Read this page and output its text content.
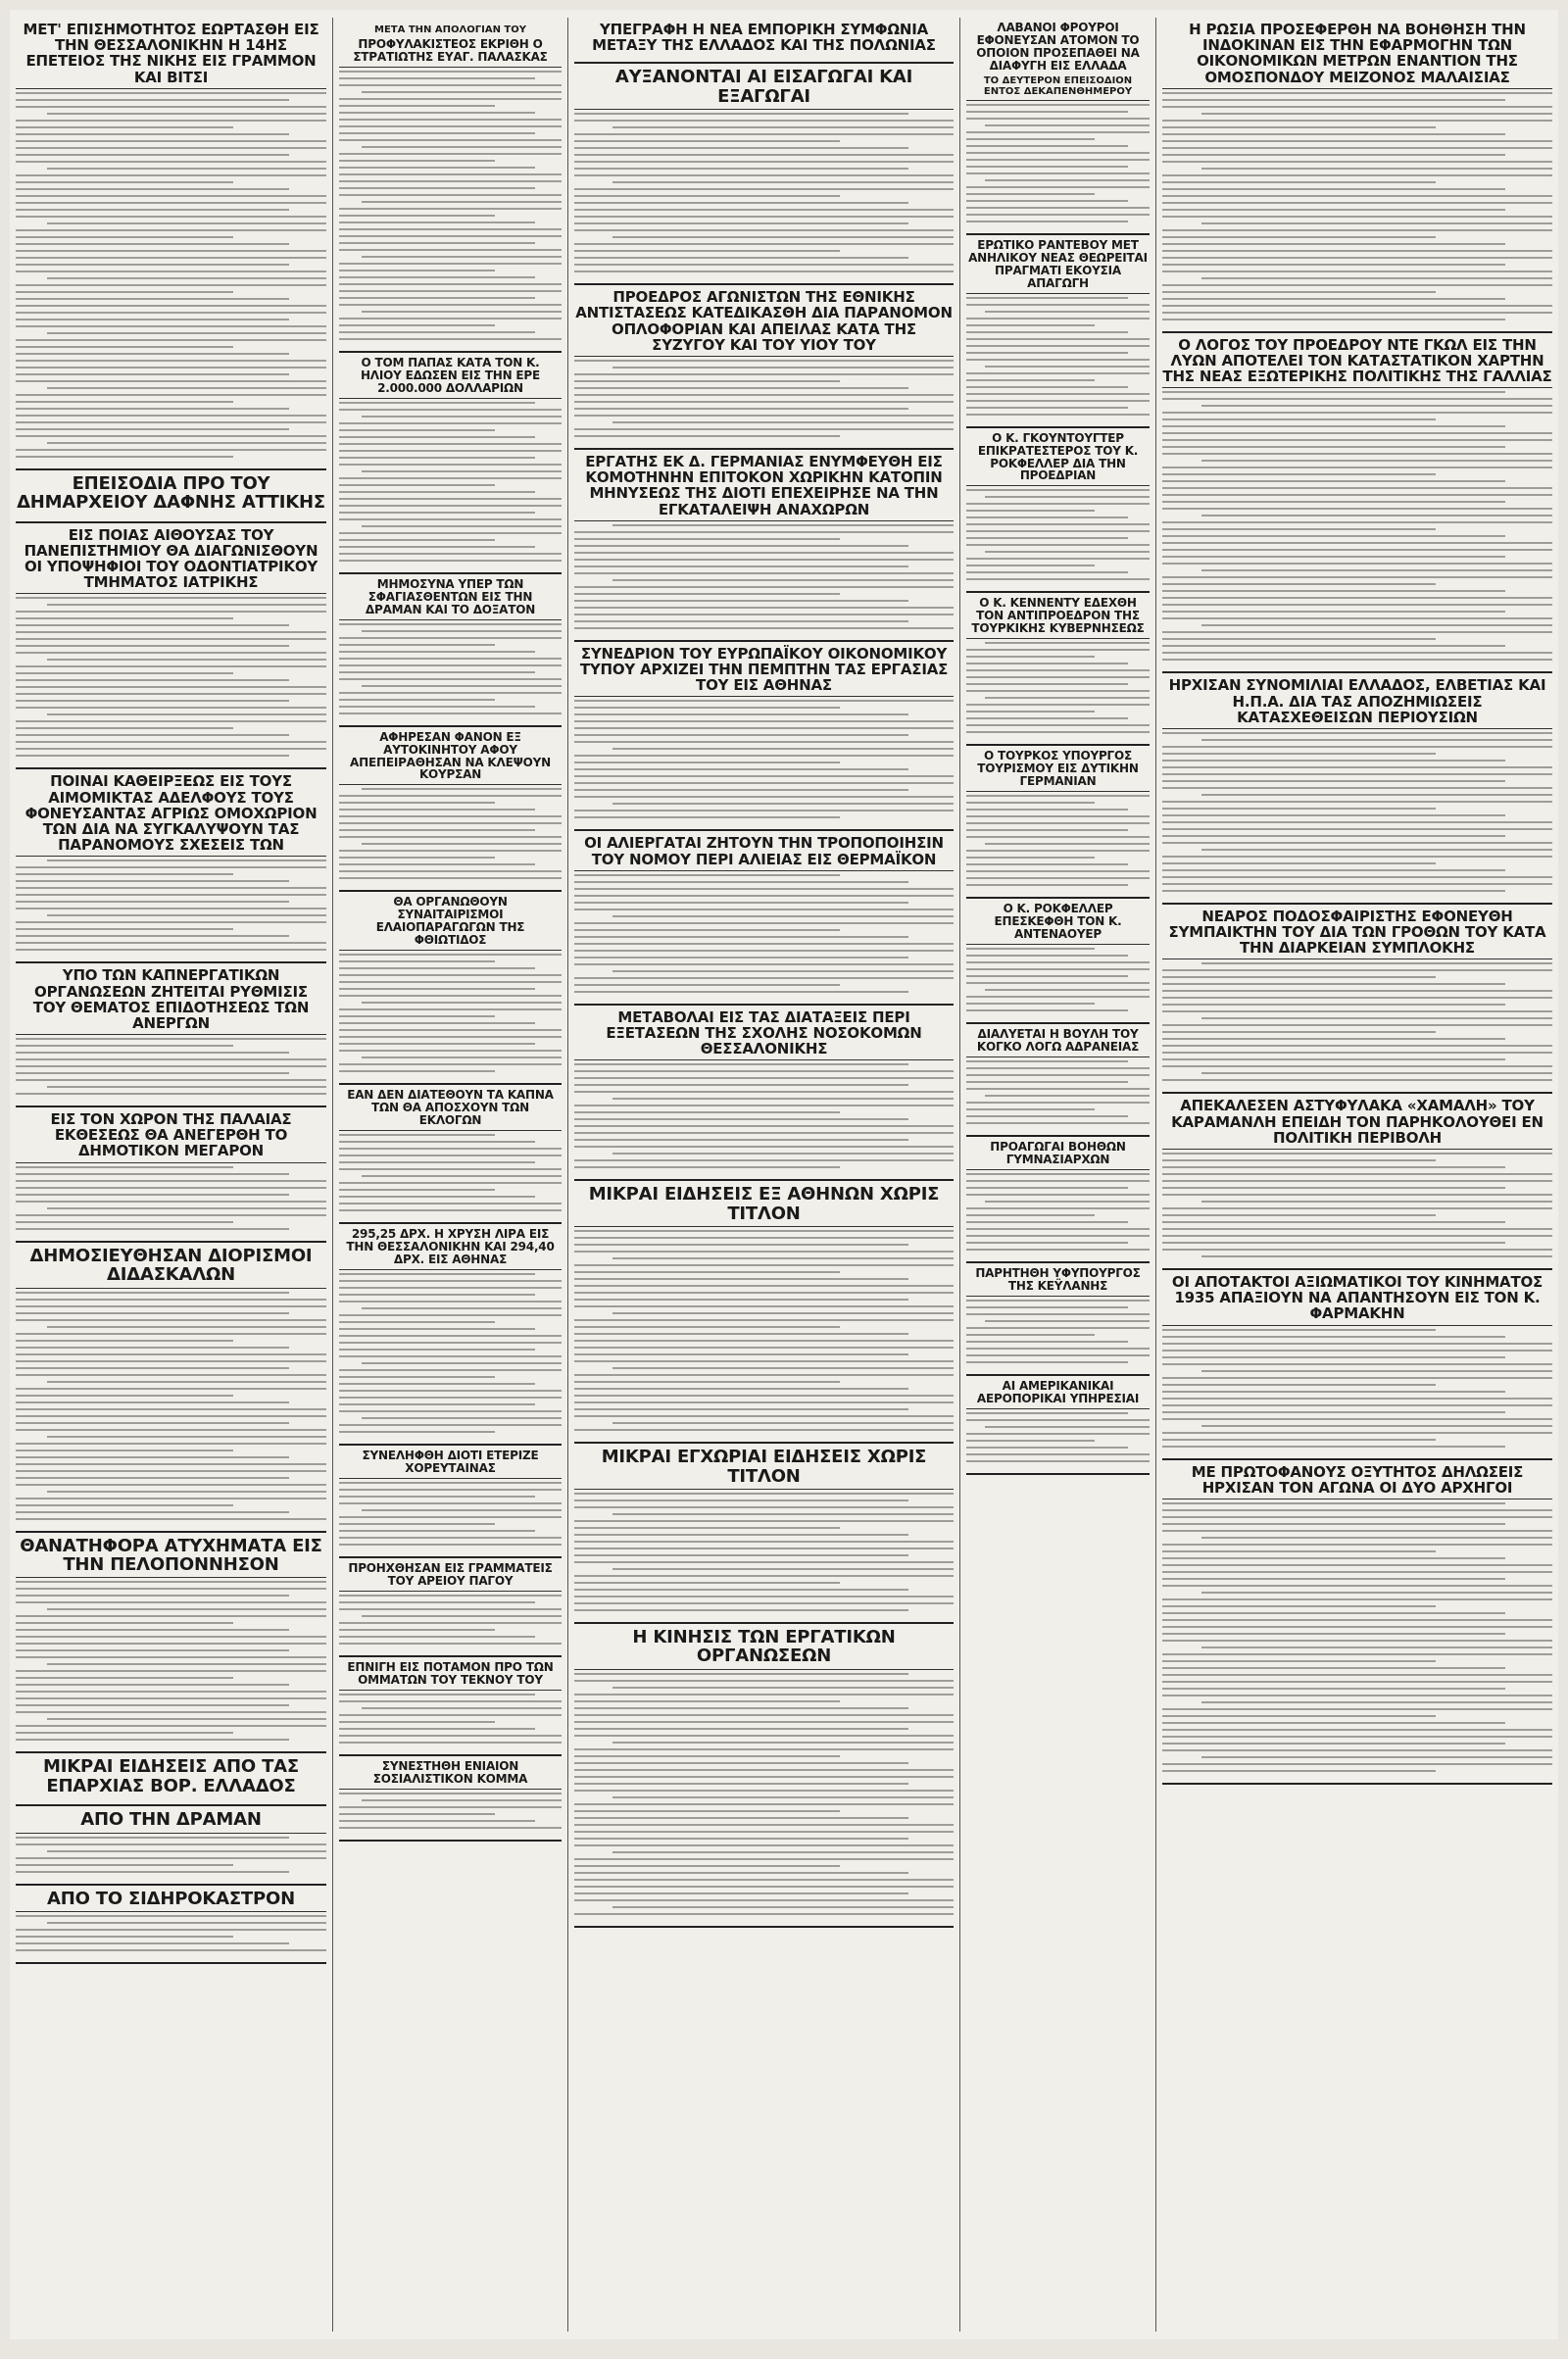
ΜΕΤ' ΕΠΙΣΗΜΟΤΗΤΟΣ ΕΩΡΤΑΣΘΗ ΕΙΣ ΤΗΝ ΘΕΣΣΑΛΟΝΙΚΗΝ Η 14ΗΣ ΕΠΕΤΕΙΟΣ ΤΗΣ ΝΙΚΗΣ ΕΙΣ ΓΡΑΜΜΟΝ ΚΑΙ ΒΙΤΣΙ
ΕΠΕΙΣΟΔΙΑ ΠΡΟ ΤΟΥ ΔΗΜΑΡΧΕΙΟΥ ΔΑΦΝΗΣ ΑΤΤΙΚΗΣ
ΕΙΣ ΠΟΙΑΣ ΑΙΘΟΥΣΑΣ ΤΟΥ ΠΑΝΕΠΙΣΤΗΜΙΟΥ ΘΑ ΔΙΑΓΩΝΙΣΘΟΥΝ ΟΙ ΥΠΟΨΗΦΙΟΙ ΤΟΥ ΟΔΟΝΤΙΑΤΡΙΚΟΥ ΤΜΗΜΑΤΟΣ ΙΑΤΡΙΚΗΣ
ΠΟΙΝΑΙ ΚΑΘΕΙΡΞΕΩΣ ΕΙΣ ΤΟΥΣ ΑΙΜΟΜΙΚΤΑΣ ΑΔΕΛΦΟΥΣ ΤΟΥΣ ΦΟΝΕΥΣΑΝΤΑΣ ΑΓΡΙΩΣ ΟΜΟΧΩΡΙΟΝ ΤΩΝ ΔΙΑ ΝΑ ΣΥΓΚΑΛΥΨΟΥΝ ΤΑΣ ΠΑΡΑΝΟΜΟΥΣ ΣΧΕΣΕΙΣ ΤΩΝ
ΥΠΟ ΤΩΝ ΚΑΠΝΕΡΓΑΤΙΚΩΝ ΟΡΓΑΝΩΣΕΩΝ ΖΗΤΕΙΤΑΙ ΡΥΘΜΙΣΙΣ ΤΟΥ ΘΕΜΑΤΟΣ ΕΠΙΔΟΤΗΣΕΩΣ ΤΩΝ ΑΝΕΡΓΩΝ
ΕΙΣ ΤΟΝ ΧΩΡΟΝ ΤΗΣ ΠΑΛΑΙΑΣ ΕΚΘΕΣΕΩΣ ΘΑ ΑΝΕΓΕΡΘΗ ΤΟ ΔΗΜΟΤΙΚΟΝ ΜΕΓΑΡΟΝ
ΔΗΜΟΣΙΕΥΘΗΣΑΝ ΔΙΟΡΙΣΜΟΙ ΔΙΔΑΣΚΑΛΩΝ
ΘΑΝΑΤΗΦΟΡΑ ΑΤΥΧΗΜΑΤΑ ΕΙΣ ΤΗΝ ΠΕΛΟΠΟΝΝΗΣΟΝ
ΜΙΚΡΑΙ ΕΙΔΗΣΕΙΣ ΑΠΟ ΤΑΣ ΕΠΑΡΧΙΑΣ ΒΟΡ. ΕΛΛΑΔΟΣ
ΑΠΟ ΤΗΝ ΔΡΑΜΑΝ
ΑΠΟ ΤΟ ΣΙΔΗΡΟΚΑΣΤΡΟΝ
ΜΕΤΑ ΤΗΝ ΑΠΟΛΟΓΙΑΝ ΤΟΥ
ΠΡΟΦΥΛΑΚΙΣΤΕΟΣ ΕΚΡΙΘΗ Ο ΣΤΡΑΤΙΩΤΗΣ ΕΥΑΓ. ΠΑΛΑΣΚΑΣ
Ο ΤΟΜ ΠΑΠΑΣ ΚΑΤΑ ΤΟΝ Κ. ΗΛΙΟΥ ΕΔΩΣΕΝ ΕΙΣ ΤΗΝ ΕΡΕ 2.000.000 ΔΟΛΛΑΡΙΩΝ
ΜΗΜΟΣΥΝΑ ΥΠΕΡ ΤΩΝ ΣΦΑΓΙΑΣΘΕΝΤΩΝ ΕΙΣ ΤΗΝ ΔΡΑΜΑΝ ΚΑΙ ΤΟ ΔΟΞΑΤΟΝ
ΑΦΗΡΕΣΑΝ ΦΑΝΟΝ ΕΞ ΑΥΤΟΚΙΝΗΤΟΥ ΑΦΟΥ ΑΠΕΠΕΙΡΑΘΗΣΑΝ ΝΑ ΚΛΕΨΟΥΝ ΚΟΥΡΣΑΝ
ΘΑ ΟΡΓΑΝΩΘΟΥΝ ΣΥΝΑΙΤΑΙΡΙΣΜΟΙ ΕΛΑΙΟΠΑΡΑΓΩΓΩΝ ΤΗΣ ΦΘΙΩΤΙΔΟΣ
ΕΑΝ ΔΕΝ ΔΙΑΤΕΘΟΥΝ ΤΑ ΚΑΠΝΑ ΤΩΝ ΘΑ ΑΠΟΣΧΟΥΝ ΤΩΝ ΕΚΛΟΓΩΝ
295,25 ΔΡΧ. Η ΧΡΥΣΗ ΛΙΡΑ ΕΙΣ ΤΗΝ ΘΕΣΣΑΛΟΝΙΚΗΝ ΚΑΙ 294,40 ΔΡΧ. ΕΙΣ ΑΘΗΝΑΣ
ΣΥΝΕΛΗΦΘΗ ΔΙΟΤΙ ΕΤΕΡΙΖΕ ΧΟΡΕΥΤΑΙΝΑΣ
ΠΡΟΗΧΘΗΣΑΝ ΕΙΣ ΓΡΑΜΜΑΤΕΙΣ ΤΟΥ ΑΡΕΙΟΥ ΠΑΓΟΥ
ΕΠΝΙΓΗ ΕΙΣ ΠΟΤΑΜΟΝ ΠΡΟ ΤΩΝ ΟΜΜΑΤΩΝ ΤΟΥ ΤΕΚΝΟΥ ΤΟΥ
ΣΥΝΕΣΤΗΘΗ ΕΝΙΑΙΟΝ ΣΟΣΙΑΛΙΣΤΙΚΟΝ ΚΟΜΜΑ
ΥΠΕΓΡΑΦΗ Η ΝΕΑ ΕΜΠΟΡΙΚΗ ΣΥΜΦΩΝΙΑ ΜΕΤΑΞΥ ΤΗΣ ΕΛΛΑΔΟΣ ΚΑΙ ΤΗΣ ΠΟΛΩΝΙΑΣ
ΑΥΞΑΝΟΝΤΑΙ ΑΙ ΕΙΣΑΓΩΓΑΙ ΚΑΙ ΕΞΑΓΩΓΑΙ
ΠΡΟΕΔΡΟΣ ΑΓΩΝΙΣΤΩΝ ΤΗΣ ΕΘΝΙΚΗΣ ΑΝΤΙΣΤΑΣΕΩΣ ΚΑΤΕΔΙΚΑΣΘΗ ΔΙΑ ΠΑΡΑΝΟΜΟΝ ΟΠΛΟΦΟΡΙΑΝ ΚΑΙ ΑΠΕΙΛΑΣ ΚΑΤΑ ΤΗΣ ΣΥΖΥΓΟΥ ΚΑΙ ΤΟΥ ΥΙΟΥ ΤΟΥ
ΕΡΓΑΤΗΣ ΕΚ Δ. ΓΕΡΜΑΝΙΑΣ ΕΝΥΜΦΕΥΘΗ ΕΙΣ ΚΟΜΟΤΗΝΗΝ ΕΠΙΤΟΚΟΝ ΧΩΡΙΚΗΝ ΚΑΤΟΠΙΝ ΜΗΝΥΣΕΩΣ ΤΗΣ ΔΙΟΤΙ ΕΠΕΧΕΙΡΗΣΕ ΝΑ ΤΗΝ ΕΓΚΑΤΑΛΕΙΨΗ ΑΝΑΧΩΡΩΝ
ΣΥΝΕΔΡΙΟΝ ΤΟΥ ΕΥΡΩΠΑΪΚΟΥ ΟΙΚΟΝΟΜΙΚΟΥ ΤΥΠΟΥ ΑΡΧΙΖΕΙ ΤΗΝ ΠΕΜΠΤΗΝ ΤΑΣ ΕΡΓΑΣΙΑΣ ΤΟΥ ΕΙΣ ΑΘΗΝΑΣ
ΟΙ ΑΛΙΕΡΓΑΤΑΙ ΖΗΤΟΥΝ ΤΗΝ ΤΡΟΠΟΠΟΙΗΣΙΝ ΤΟΥ ΝΟΜΟΥ ΠΕΡΙ ΑΛΙΕΙΑΣ ΕΙΣ ΘΕΡΜΑΪΚΟΝ
ΜΕΤΑΒΟΛΑΙ ΕΙΣ ΤΑΣ ΔΙΑΤΑΞΕΙΣ ΠΕΡΙ ΕΞΕΤΑΣΕΩΝ ΤΗΣ ΣΧΟΛΗΣ ΝΟΣΟΚΟΜΩΝ ΘΕΣΣΑΛΟΝΙΚΗΣ
ΜΙΚΡΑΙ ΕΙΔΗΣΕΙΣ ΕΞ ΑΘΗΝΩΝ ΧΩΡΙΣ ΤΙΤΛΟΝ
ΜΙΚΡΑΙ ΕΓΧΩΡΙΑΙ ΕΙΔΗΣΕΙΣ ΧΩΡΙΣ ΤΙΤΛΟΝ
Η ΚΙΝΗΣΙΣ ΤΩΝ ΕΡΓΑΤΙΚΩΝ ΟΡΓΑΝΩΣΕΩΝ
ΛΑΒΑΝΟΙ ΦΡΟΥΡΟΙ ΕΦΟΝΕΥΣΑΝ ΑΤΟΜΟΝ ΤΟ ΟΠΟΙΟΝ ΠΡΟΣΕΠΑΘΕΙ ΝΑ ΔΙΑΦΥΓΗ ΕΙΣ ΕΛΛΑΔΑ
ΤΟ ΔΕΥΤΕΡΟΝ ΕΠΕΙΣΟΔΙΟΝ ΕΝΤΟΣ ΔΕΚΑΠΕΝΘΗΜΕΡΟΥ
ΕΡΩΤΙΚΟ ΡΑΝΤΕΒΟΥ ΜΕΤ ΑΝΗΛΙΚΟΥ ΝΕΑΣ ΘΕΩΡΕΙΤΑΙ ΠΡΑΓΜΑΤΙ ΕΚΟΥΣΙΑ ΑΠΑΓΩΓΗ
Ο Κ. ΓΚΟΥΝΤΟΥΓΤΕΡ ΕΠΙΚΡΑΤΕΣΤΕΡΟΣ ΤΟΥ Κ. ΡΟΚΦΕΛΛΕΡ ΔΙΑ ΤΗΝ ΠΡΟΕΔΡΙΑΝ
Ο Κ. ΚΕΝΝΕΝΤΥ ΕΔΕΧΘΗ ΤΟΝ ΑΝΤΙΠΡΟΕΔΡΟΝ ΤΗΣ ΤΟΥΡΚΙΚΗΣ ΚΥΒΕΡΝΗΣΕΩΣ
Ο ΤΟΥΡΚΟΣ ΥΠΟΥΡΓΟΣ ΤΟΥΡΙΣΜΟΥ ΕΙΣ ΔΥΤΙΚΗΝ ΓΕΡΜΑΝΙΑΝ
Ο Κ. ΡΟΚΦΕΛΛΕΡ ΕΠΕΣΚΕΦΘΗ ΤΟΝ Κ. ΑΝΤΕΝΑΟΥΕΡ
ΔΙΑΛΥΕΤΑΙ Η ΒΟΥΛΗ ΤΟΥ ΚΟΓΚΟ ΛΟΓΩ ΑΔΡΑΝΕΙΑΣ
ΠΡΟΑΓΩΓΑΙ ΒΟΗΘΩΝ ΓΥΜΝΑΣΙΑΡΧΩΝ
ΠΑΡΗΤΗΘΗ ΥΦΥΠΟΥΡΓΟΣ ΤΗΣ ΚΕΫΛΑΝΗΣ
ΑΙ ΑΜΕΡΙΚΑΝΙΚΑΙ ΑΕΡΟΠΟΡΙΚΑΙ ΥΠΗΡΕΣΙΑΙ
Η ΡΩΣΙΑ ΠΡΟΣΕΦΕΡΘΗ ΝΑ ΒΟΗΘΗΣΗ ΤΗΝ ΙΝΔΟΚΙΝΑΝ ΕΙΣ ΤΗΝ ΕΦΑΡΜΟΓΗΝ ΤΩΝ ΟΙΚΟΝΟΜΙΚΩΝ ΜΕΤΡΩΝ ΕΝΑΝΤΙΟΝ ΤΗΣ ΟΜΟΣΠΟΝΔΟΥ ΜΕΙΖΟΝΟΣ ΜΑΛΑΙΣΙΑΣ
Ο ΛΟΓΟΣ ΤΟΥ ΠΡΟΕΔΡΟΥ ΝΤΕ ΓΚΩΛ ΕΙΣ ΤΗΝ ΛΥΩΝ ΑΠΟΤΕΛΕΙ ΤΟΝ ΚΑΤΑΣΤΑΤΙΚΟΝ ΧΑΡΤΗΝ ΤΗΣ ΝΕΑΣ ΕΞΩΤΕΡΙΚΗΣ ΠΟΛΙΤΙΚΗΣ ΤΗΣ ΓΑΛΛΙΑΣ
ΗΡΧΙΣΑΝ ΣΥΝΟΜΙΛΙΑΙ ΕΛΛΑΔΟΣ, ΕΛΒΕΤΙΑΣ ΚΑΙ Η.Π.Α. ΔΙΑ ΤΑΣ ΑΠΟΖΗΜΙΩΣΕΙΣ ΚΑΤΑΣΧΕΘΕΙΣΩΝ ΠΕΡΙΟΥΣΙΩΝ
ΝΕΑΡΟΣ ΠΟΔΟΣΦΑΙΡΙΣΤΗΣ ΕΦΟΝΕΥΘΗ ΣΥΜΠΑΙΚΤΗΝ ΤΟΥ ΔΙΑ ΤΩΝ ΓΡΟΘΩΝ ΤΟΥ ΚΑΤΑ ΤΗΝ ΔΙΑΡΚΕΙΑΝ ΣΥΜΠΛΟΚΗΣ
ΑΠΕΚΑΛΕΣΕΝ ΑΣΤΥΦΥΛΑΚΑ «ΧΑΜΑΛΗ» ΤΟΥ ΚΑΡΑΜΑΝΛΗ ΕΠΕΙΔΗ ΤΟΝ ΠΑΡΗΚΟΛΟΥΘΕΙ ΕΝ ΠΟΛΙΤΙΚΗ ΠΕΡΙΒΟΛΗ
ΟΙ ΑΠΟΤΑΚΤΟΙ ΑΞΙΩΜΑΤΙΚΟΙ ΤΟΥ ΚΙΝΗΜΑΤΟΣ 1935 ΑΠΑΞΙΟΥΝ ΝΑ ΑΠΑΝΤΗΣΟΥΝ ΕΙΣ ΤΟΝ Κ. ΦΑΡΜΑΚΗΝ
ΜΕ ΠΡΩΤΟΦΑΝΟΥΣ ΟΞΥΤΗΤΟΣ ΔΗΛΩΣΕΙΣ ΗΡΧΙΣΑΝ ΤΟΝ ΑΓΩΝΑ ΟΙ ΔΥΟ ΑΡΧΗΓΟΙ
